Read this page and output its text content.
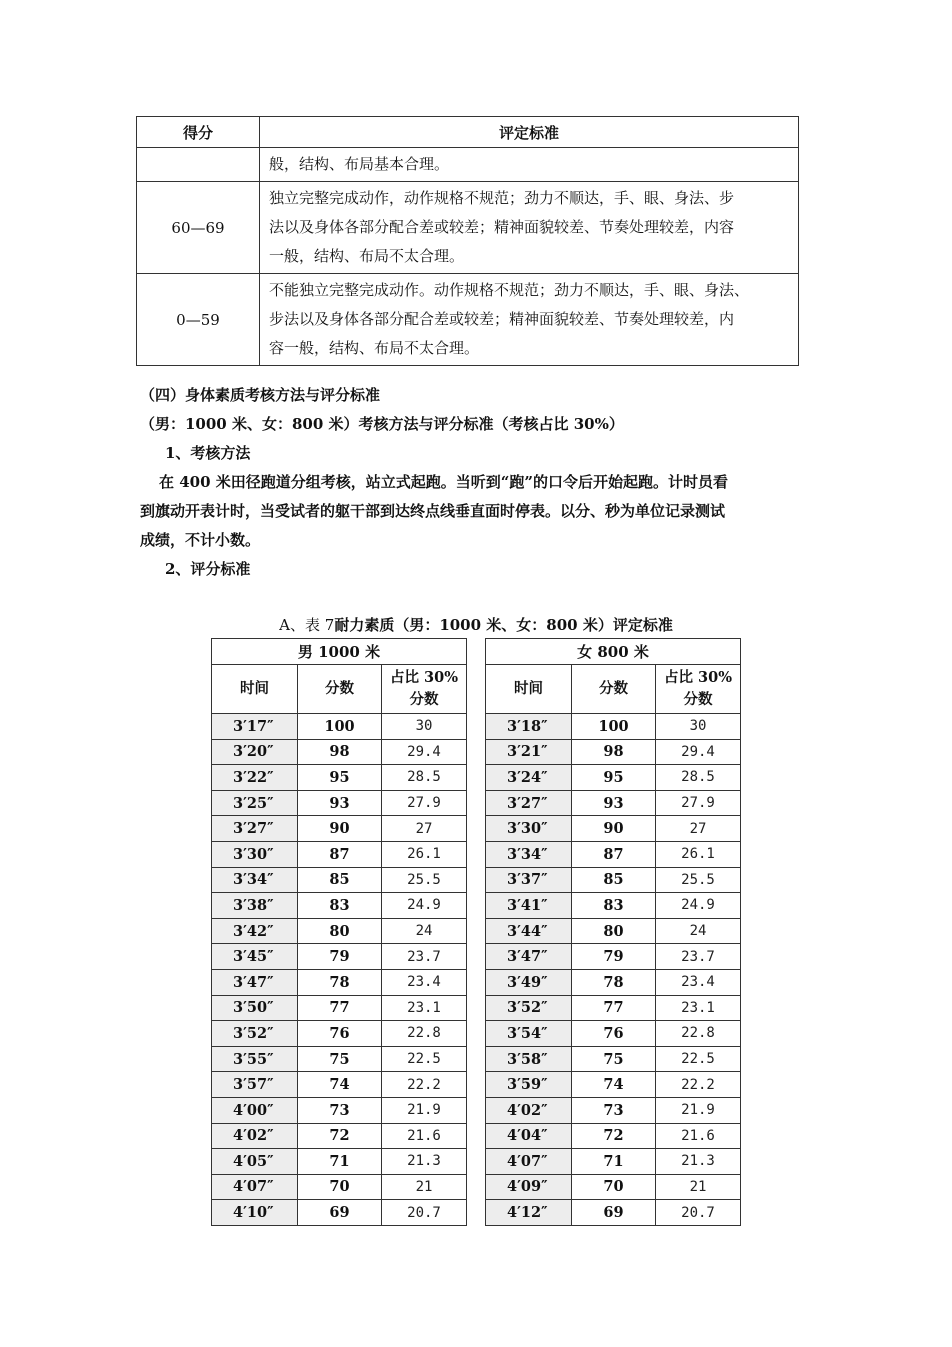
得分	评定标准

	般，结构、布局基本合理。

60—69	独立完整完成动作，动作规格不规范；劲力不顺达，手、眼、身法、步
法以及身体各部分配合差或较差；精神面貌较差、节奏处理较差，内容
一般，结构、布局不太合理。

0—59	不能独立完整完成动作。动作规格不规范；劲力不顺达，手、眼、身法、
步法以及身体各部分配合差或较差；精神面貌较差、节奏处理较差，内
容一般，结构、布局不太合理。

（四）身体素质考核方法与评分标准

（男：1000 米、女：800 米）考核方法与评分标准（考核占比 30%）

1、考核方法

在 400 米田径跑道分组考核，站立式起跑。当听到“跑”的口令后开始起跑。计时员看

到旗动开表计时，当受试者的躯干部到达终点线垂直面时停表。以分、秒为单位记录测试

成绩，不计小数。

2、评分标准

A、表 7耐力素质（男：1000 米、女：800 米）评定标准
男 1000 米		
时间	分数	占比 30%
分数

3′17″	100	30
3′20″	98	29.4
3′22″	95	28.5
3′25″	93	27.9
3′27″	90	27
3′30″	87	26.1
3′34″	85	25.5
3′38″	83	24.9
3′42″	80	24
3′45″	79	23.7
3′47″	78	23.4
3′50″	77	23.1
3′52″	76	22.8
3′55″	75	22.5
3′57″	74	22.2
4′00″	73	21.9
4′02″	72	21.6
4′05″	71	21.3
4′07″	70	21
4′10″	69	20.7
女 800 米		
时间	分数	占比 30%
分数

3′18″	100	30
3′21″	98	29.4
3′24″	95	28.5
3′27″	93	27.9
3′30″	90	27
3′34″	87	26.1
3′37″	85	25.5
3′41″	83	24.9
3′44″	80	24
3′47″	79	23.7
3′49″	78	23.4
3′52″	77	23.1
3′54″	76	22.8
3′58″	75	22.5
3′59″	74	22.2
4′02″	73	21.9
4′04″	72	21.6
4′07″	71	21.3
4′09″	70	21
4′12″	69	20.7
